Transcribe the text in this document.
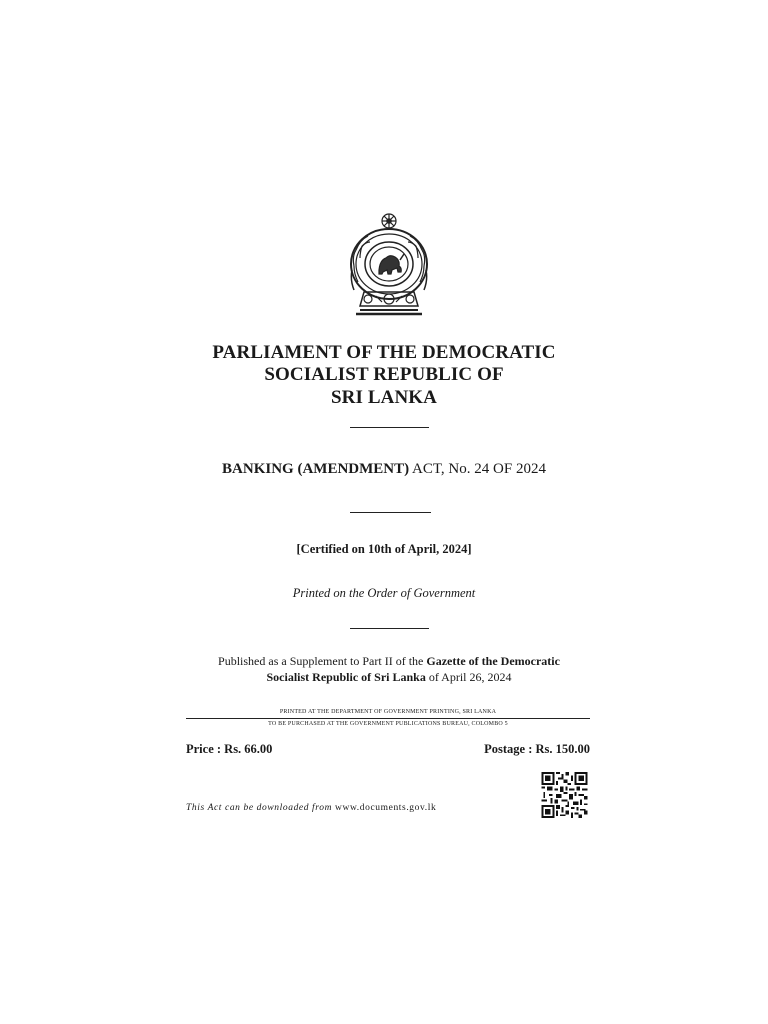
PARLIAMENT OF THE DEMOCRATIC
SOCIALIST REPUBLIC OF
SRI LANKA
BANKING (AMENDMENT) ACT, No. 24 OF 2024
[Certified on 10th of April, 2024]
Printed on the Order of Government
Published as a Supplement to Part II of the Gazette of the Democratic
Socialist Republic of Sri Lanka of April 26, 2024
PRINTED AT THE DEPARTMENT OF GOVERNMENT PRINTING, SRI LANKA
TO BE PURCHASED AT THE GOVERNMENT PUBLICATIONS BUREAU, COLOMBO 5
Price : Rs. 66.00	Postage : Rs. 150.00
This Act can be downloaded from www.documents.gov.lk
